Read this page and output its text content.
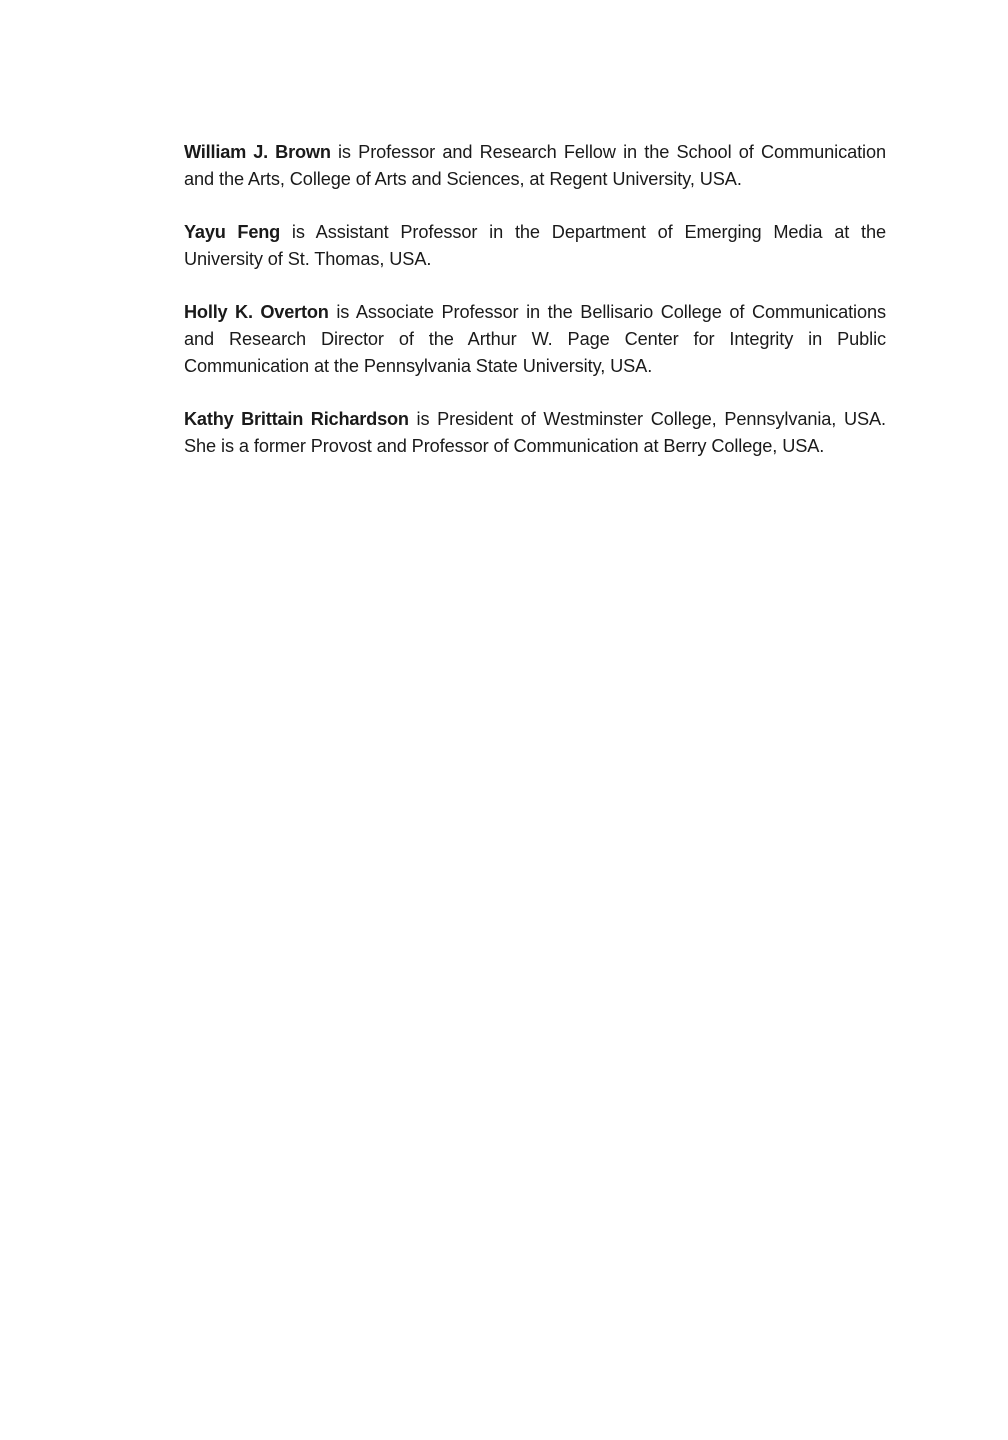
William J. Brown is Professor and Research Fellow in the School of Communication and the Arts, College of Arts and Sciences, at Regent University, USA.

Yayu Feng is Assistant Professor in the Department of Emerging Media at the University of St. Thomas, USA.

Holly K. Overton is Associate Professor in the Bellisario College of Communications and Research Director of the Arthur W. Page Center for Integrity in Public Communication at the Pennsylvania State University, USA.

Kathy Brittain Richardson is President of Westminster College, Pennsylvania, USA. She is a former Provost and Professor of Communication at Berry College, USA.
